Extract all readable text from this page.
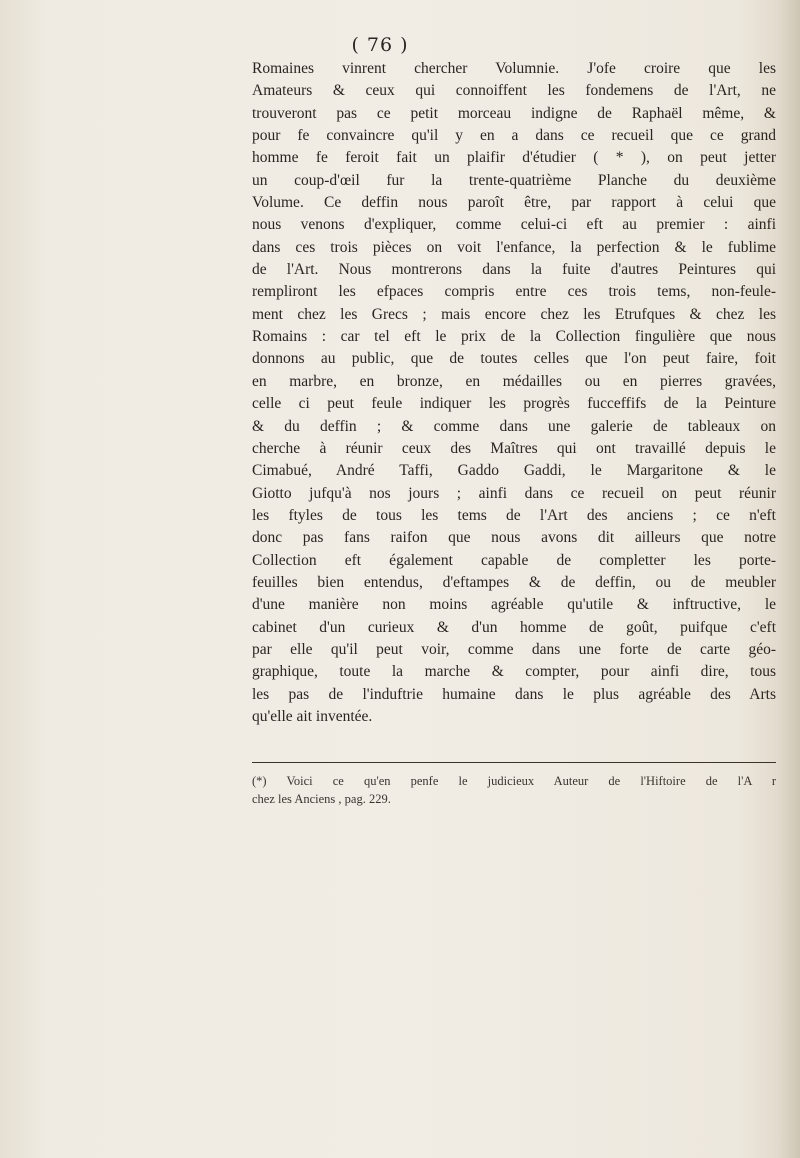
( 76 )
Romaines vinrent chercher Volumnie. J'ofe croire que les
Amateurs & ceux qui connoiffent les fondemens de l'Art, ne
trouveront pas ce petit morceau indigne de Raphaël même, &
pour fe convaincre qu'il y en a dans ce recueil que ce grand
homme fe feroit fait un plaifir d'étudier ( * ), on peut jetter
un coup-d'œil fur la trente-quatrième Planche du deuxième
Volume. Ce deffin nous paroît être, par rapport à celui que
nous venons d'expliquer, comme celui-ci eft au premier : ainfi
dans ces trois pièces on voit l'enfance, la perfection & le fublime
de l'Art. Nous montrerons dans la fuite d'autres Peintures qui
rempliront les efpaces compris entre ces trois tems, non-feule-
ment chez les Grecs ; mais encore chez les Etrufques & chez les
Romains : car tel eft le prix de la Collection fingulière que nous
donnons au public, que de toutes celles que l'on peut faire, foit
en marbre, en bronze, en médailles ou en pierres gravées,
celle ci peut feule indiquer les progrès fucceffifs de la Peinture
& du deffin ; & comme dans une galerie de tableaux on
cherche à réunir ceux des Maîtres qui ont travaillé depuis le
Cimabué, André Taffi, Gaddo Gaddi, le Margaritone & le
Giotto jufqu'à nos jours ; ainfi dans ce recueil on peut réunir
les ftyles de tous les tems de l'Art des anciens ; ce n'eft
donc pas fans raifon que nous avons dit ailleurs que notre
Collection eft également capable de completter les porte-
feuilles bien entendus, d'eftampes & de deffin, ou de meubler
d'une manière non moins agréable qu'utile & inftructive, le
cabinet d'un curieux & d'un homme de goût, puifque c'eft
par elle qu'il peut voir, comme dans une forte de carte géo-
graphique, toute la marche & compter, pour ainfi dire, tous
les pas de l'induftrie humaine dans le plus agréable des Arts
qu'elle ait inventée.
(*) Voici ce qu'en penfe le judicieux Auteur de l'Hiftoire de l'A r
chez les Anciens , pag. 229.
